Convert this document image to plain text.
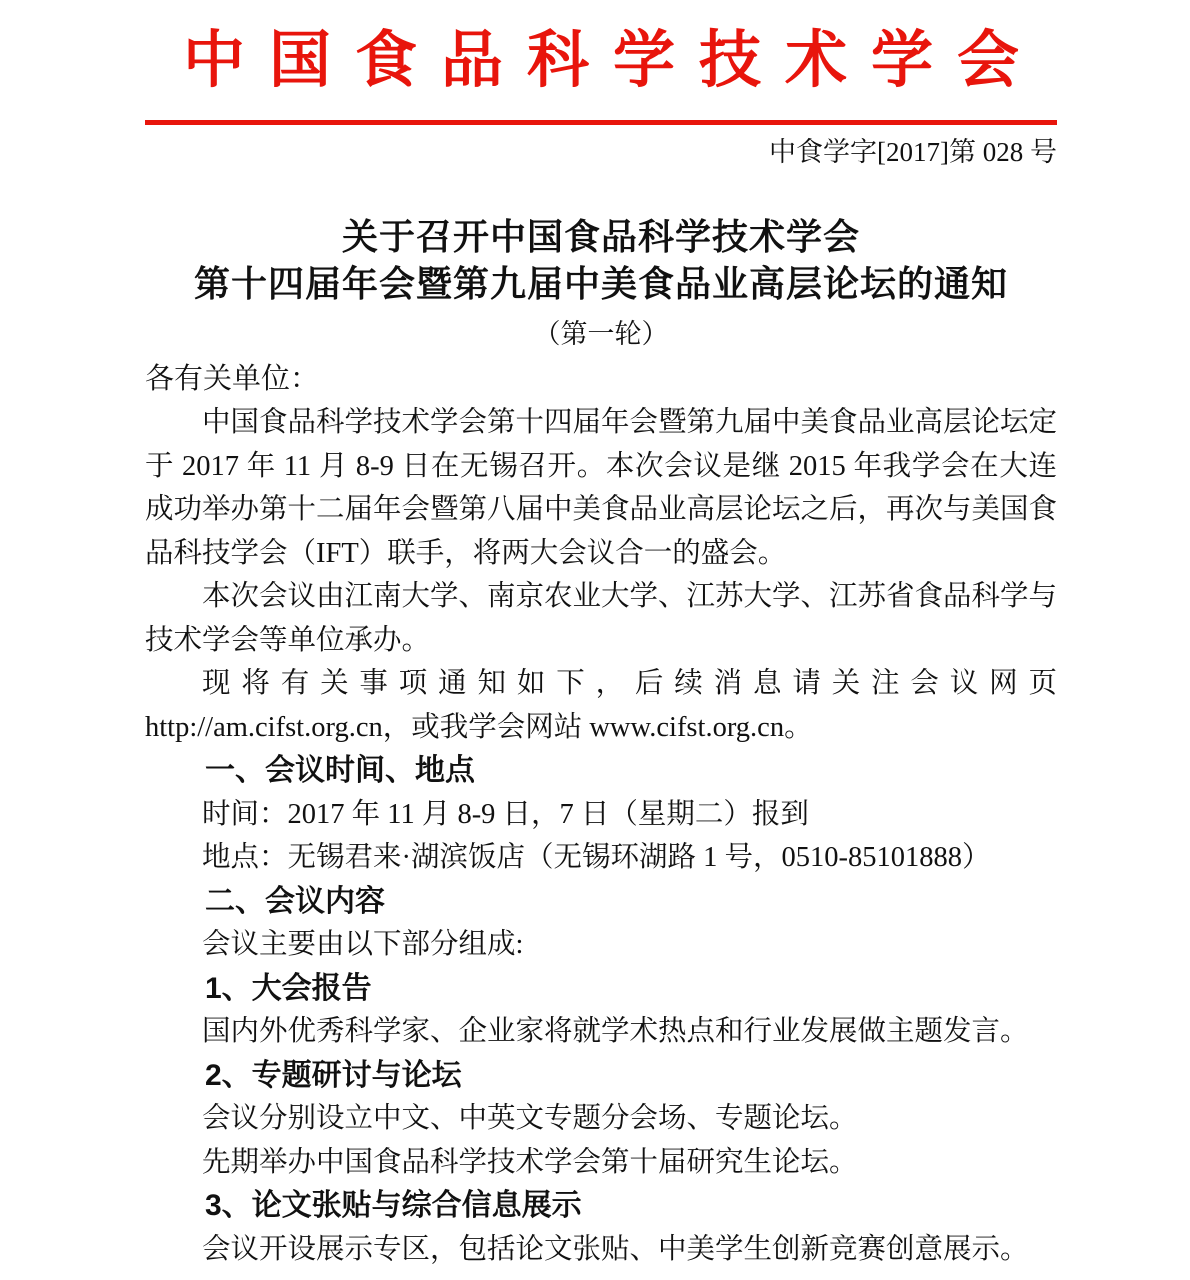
中国食品科学技术学会
中食学字[2017]第 028 号
关于召开中国食品科学技术学会
第十四届年会暨第九届中美食品业高层论坛的通知
（第一轮）
各有关单位：

中国食品科学技术学会第十四届年会暨第九届中美食品业高层论坛定于 2017 年 11 月 8-9 日在无锡召开。本次会议是继 2015 年我学会在大连成功举办第十二届年会暨第八届中美食品业高层论坛之后，再次与美国食品科技学会（IFT）联手，将两大会议合一的盛会。

本次会议由江南大学、南京农业大学、江苏大学、江苏省食品科学与技术学会等单位承办。

现将有关事项通知如下，后续消息请关注会议网页 http://am.cifst.org.cn，或我学会网站 www.cifst.org.cn。

一、会议时间、地点

时间：2017 年 11 月 8-9 日，7 日（星期二）报到

地点：无锡君来·湖滨饭店（无锡环湖路 1 号，0510-85101888）

二、会议内容

会议主要由以下部分组成:

1、大会报告

国内外优秀科学家、企业家将就学术热点和行业发展做主题发言。

2、专题研讨与论坛

会议分别设立中文、中英文专题分会场、专题论坛。

先期举办中国食品科学技术学会第十届研究生论坛。

3、论文张贴与综合信息展示

会议开设展示专区，包括论文张贴、中美学生创新竞赛创意展示。
